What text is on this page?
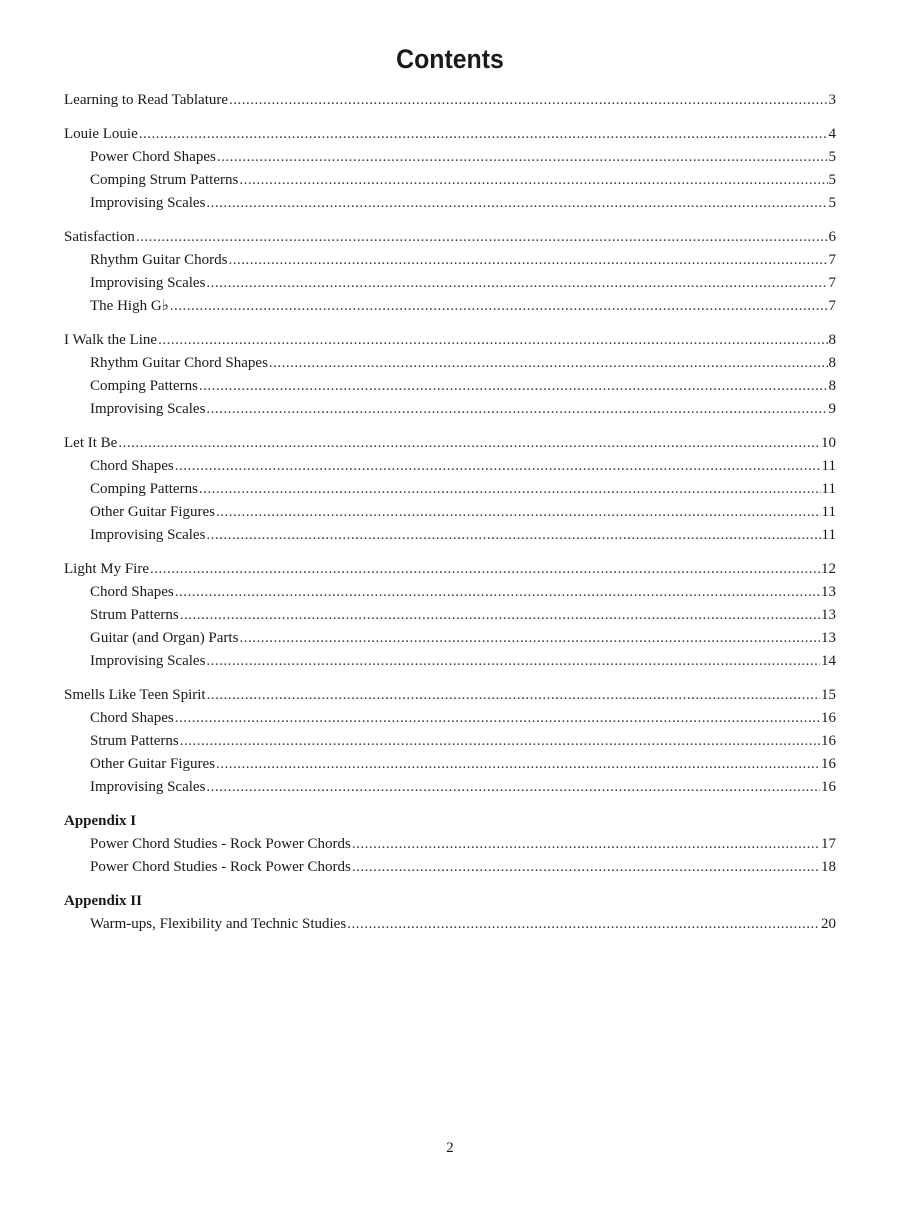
Contents
Learning to Read Tablature .....	3
Louie Louie .....	4
Power Chord Shapes .....	5
Comping Strum Patterns .....	5
Improvising Scales .....	5
Satisfaction .....	6
Rhythm Guitar Chords .....	7
Improvising Scales .....	7
The High G♭ .....	7
I Walk the Line .....	8
Rhythm Guitar Chord Shapes .....	8
Comping Patterns .....	8
Improvising Scales .....	9
Let It Be .....	10
Chord Shapes .....	11
Comping Patterns .....	11
Other Guitar Figures .....	11
Improvising Scales .....	11
Light My Fire .....	12
Chord Shapes .....	13
Strum Patterns .....	13
Guitar (and Organ) Parts .....	13
Improvising Scales .....	14
Smells Like Teen Spirit .....	15
Chord Shapes .....	16
Strum Patterns .....	16
Other Guitar Figures .....	16
Improvising Scales .....	16
Appendix I
Power Chord Studies - Rock Power Chords .....	17
Power Chord Studies - Rock Power Chords .....	18
Appendix II
Warm-ups, Flexibility and Technic Studies .....	20
2
